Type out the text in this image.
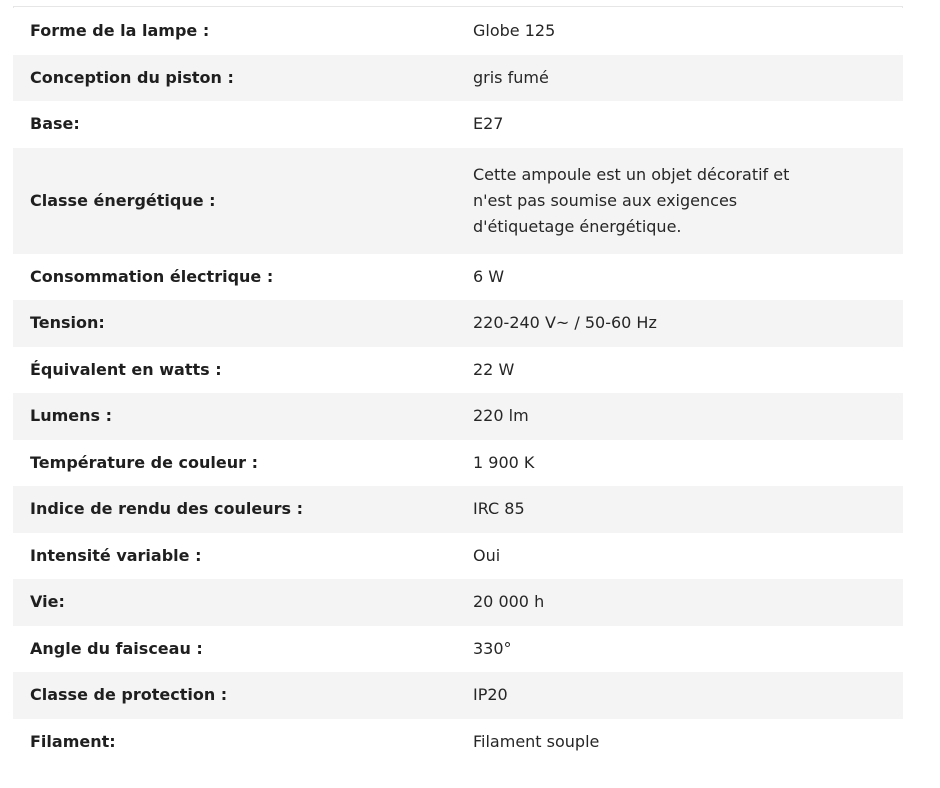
Forme de la lampe :	Globe 125
Conception du piston :	gris fumé
Base:	E27
Classe énergétique :	Cette ampoule est un objet décoratif et
n'est pas soumise aux exigences
d'étiquetage énergétique.

Consommation électrique :	6 W
Tension:	220-240 V~ / 50-60 Hz
Équivalent en watts :	22 W
Lumens :	220 lm
Température de couleur :	1 900 K
Indice de rendu des couleurs :	IRC 85
Intensité variable :	Oui
Vie:	20 000 h
Angle du faisceau :	330°
Classe de protection :	IP20
Filament:	Filament souple
